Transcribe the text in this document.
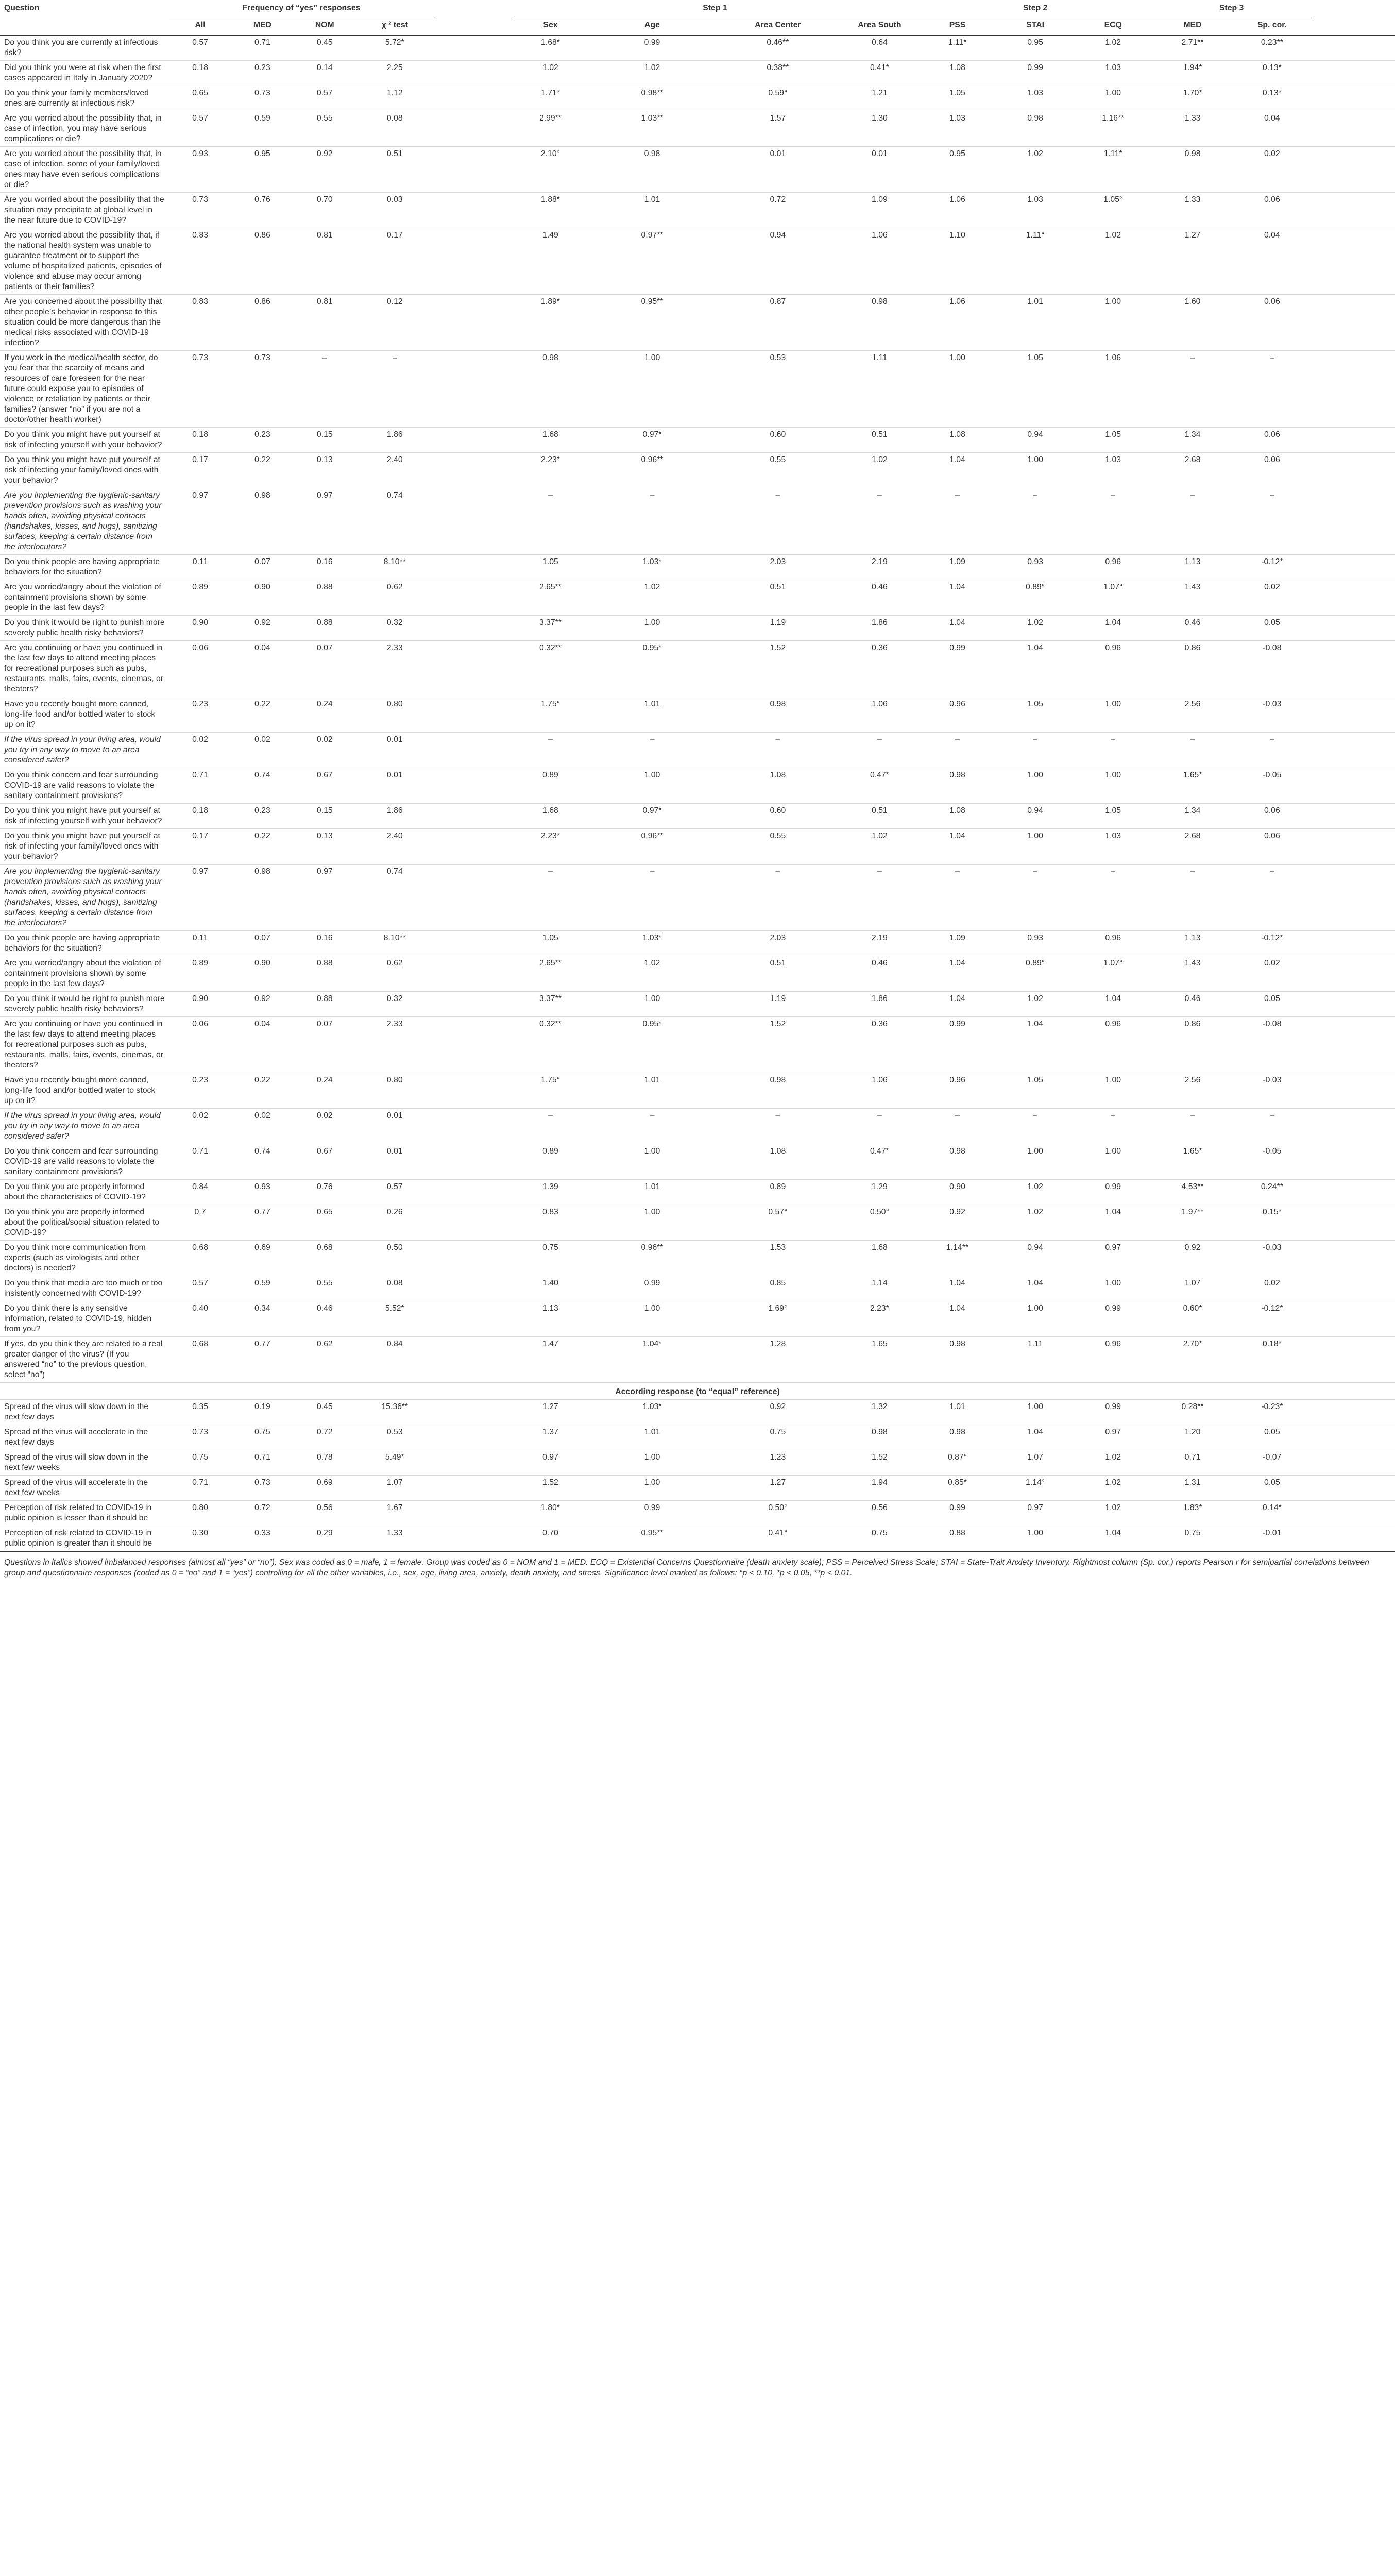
Question	Frequency of “yes” responses					Step 1				Step 2			Step 3		
	All	MED	NOM	χ ² test		Sex	Age	Area Center	Area South	PSS	STAI	ECQ	MED	Sp. cor.	
Do you think you are currently at infectious risk?	0.57	0.71	0.45	5.72*		1.68*	0.99	0.46**	0.64	1.11*	0.95	1.02	2.71**	0.23**	
Did you think you were at risk when the first cases appeared in Italy in January 2020?	0.18	0.23	0.14	2.25		1.02	1.02	0.38**	0.41*	1.08	0.99	1.03	1.94*	0.13*	
Do you think your family members/loved ones are currently at infectious risk?	0.65	0.73	0.57	1.12		1.71*	0.98**	0.59°	1.21	1.05	1.03	1.00	1.70*	0.13*	
Are you worried about the possibility that, in case of infection, you may have serious complications or die?	0.57	0.59	0.55	0.08		2.99**	1.03**	1.57	1.30	1.03	0.98	1.16**	1.33	0.04	
Are you worried about the possibility that, in case of infection, some of your family/loved ones may have even serious complications or die?	0.93	0.95	0.92	0.51		2.10°	0.98	0.01	0.01	0.95	1.02	1.11*	0.98	0.02	
Are you worried about the possibility that the situation may precipitate at global level in the near future due to COVID-19?	0.73	0.76	0.70	0.03		1.88*	1.01	0.72	1.09	1.06	1.03	1.05°	1.33	0.06	
Are you worried about the possibility that, if the national health system was unable to guarantee treatment or to support the volume of hospitalized patients, episodes of violence and abuse may occur among patients or their families?	0.83	0.86	0.81	0.17		1.49	0.97**	0.94	1.06	1.10	1.11°	1.02	1.27	0.04	
Are you concerned about the possibility that other people’s behavior in response to this situation could be more dangerous than the medical risks associated with COVID-19 infection?	0.83	0.86	0.81	0.12		1.89*	0.95**	0.87	0.98	1.06	1.01	1.00	1.60	0.06	
If you work in the medical/health sector, do you fear that the scarcity of means and resources of care foreseen for the near future could expose you to episodes of violence or retaliation by patients or their families? (answer “no” if you are not a doctor/other health worker)	0.73	0.73	–	–		0.98	1.00	0.53	1.11	1.00	1.05	1.06	–	–	
Do you think you might have put yourself at risk of infecting yourself with your behavior?	0.18	0.23	0.15	1.86		1.68	0.97*	0.60	0.51	1.08	0.94	1.05	1.34	0.06	
Do you think you might have put yourself at risk of infecting your family/loved ones with your behavior?	0.17	0.22	0.13	2.40		2.23*	0.96**	0.55	1.02	1.04	1.00	1.03	2.68	0.06	
Are you implementing the hygienic-sanitary prevention provisions such as washing your hands often, avoiding physical contacts (handshakes, kisses, and hugs), sanitizing surfaces, keeping a certain distance from the interlocutors?	0.97	0.98	0.97	0.74		–	–	–	–	–	–	–	–	–	
Do you think people are having appropriate behaviors for the situation?	0.11	0.07	0.16	8.10**		1.05	1.03*	2.03	2.19	1.09	0.93	0.96	1.13	-0.12*	
Are you worried/angry about the violation of containment provisions shown by some people in the last few days?	0.89	0.90	0.88	0.62		2.65**	1.02	0.51	0.46	1.04	0.89°	1.07°	1.43	0.02	
Do you think it would be right to punish more severely public health risky behaviors?	0.90	0.92	0.88	0.32		3.37**	1.00	1.19	1.86	1.04	1.02	1.04	0.46	0.05	
Are you continuing or have you continued in the last few days to attend meeting places for recreational purposes such as pubs, restaurants, malls, fairs, events, cinemas, or theaters?	0.06	0.04	0.07	2.33		0.32**	0.95*	1.52	0.36	0.99	1.04	0.96	0.86	-0.08	
Have you recently bought more canned, long-life food and/or bottled water to stock up on it?	0.23	0.22	0.24	0.80		1.75°	1.01	0.98	1.06	0.96	1.05	1.00	2.56	-0.03	
If the virus spread in your living area, would you try in any way to move to an area considered safer?	0.02	0.02	0.02	0.01		–	–	–	–	–	–	–	–	–	
Do you think concern and fear surrounding COVID-19 are valid reasons to violate the sanitary containment provisions?	0.71	0.74	0.67	0.01		0.89	1.00	1.08	0.47*	0.98	1.00	1.00	1.65*	-0.05	
Do you think you might have put yourself at risk of infecting yourself with your behavior?	0.18	0.23	0.15	1.86		1.68	0.97*	0.60	0.51	1.08	0.94	1.05	1.34	0.06	
Do you think you might have put yourself at risk of infecting your family/loved ones with your behavior?	0.17	0.22	0.13	2.40		2.23*	0.96**	0.55	1.02	1.04	1.00	1.03	2.68	0.06	
Are you implementing the hygienic-sanitary prevention provisions such as washing your hands often, avoiding physical contacts (handshakes, kisses, and hugs), sanitizing surfaces, keeping a certain distance from the interlocutors?	0.97	0.98	0.97	0.74		–	–	–	–	–	–	–	–	–	
Do you think people are having appropriate behaviors for the situation?	0.11	0.07	0.16	8.10**		1.05	1.03*	2.03	2.19	1.09	0.93	0.96	1.13	-0.12*	
Are you worried/angry about the violation of containment provisions shown by some people in the last few days?	0.89	0.90	0.88	0.62		2.65**	1.02	0.51	0.46	1.04	0.89°	1.07°	1.43	0.02	
Do you think it would be right to punish more severely public health risky behaviors?	0.90	0.92	0.88	0.32		3.37**	1.00	1.19	1.86	1.04	1.02	1.04	0.46	0.05	
Are you continuing or have you continued in the last few days to attend meeting places for recreational purposes such as pubs, restaurants, malls, fairs, events, cinemas, or theaters?	0.06	0.04	0.07	2.33		0.32**	0.95*	1.52	0.36	0.99	1.04	0.96	0.86	-0.08	
Have you recently bought more canned, long-life food and/or bottled water to stock up on it?	0.23	0.22	0.24	0.80		1.75°	1.01	0.98	1.06	0.96	1.05	1.00	2.56	-0.03	
If the virus spread in your living area, would you try in any way to move to an area considered safer?	0.02	0.02	0.02	0.01		–	–	–	–	–	–	–	–	–	
Do you think concern and fear surrounding COVID-19 are valid reasons to violate the sanitary containment provisions?	0.71	0.74	0.67	0.01		0.89	1.00	1.08	0.47*	0.98	1.00	1.00	1.65*	-0.05	
Do you think you are properly informed about the characteristics of COVID-19?	0.84	0.93	0.76	0.57		1.39	1.01	0.89	1.29	0.90	1.02	0.99	4.53**	0.24**	
Do you think you are properly informed about the political/social situation related to COVID-19?	0.7	0.77	0.65	0.26		0.83	1.00	0.57°	0.50°	0.92	1.02	1.04	1.97**	0.15*	
Do you think more communication from experts (such as virologists and other doctors) is needed?	0.68	0.69	0.68	0.50		0.75	0.96**	1.53	1.68	1.14**	0.94	0.97	0.92	-0.03	
Do you think that media are too much or too insistently concerned with COVID-19?	0.57	0.59	0.55	0.08		1.40	0.99	0.85	1.14	1.04	1.04	1.00	1.07	0.02	
Do you think there is any sensitive information, related to COVID-19, hidden from you?	0.40	0.34	0.46	5.52*		1.13	1.00	1.69°	2.23*	1.04	1.00	0.99	0.60*	-0.12*	
If yes, do you think they are related to a real greater danger of the virus? (If you answered “no” to the previous question, select “no”)	0.68	0.77	0.62	0.84		1.47	1.04*	1.28	1.65	0.98	1.11	0.96	2.70*	0.18*	
According response (to “equal” reference)															
Spread of the virus will slow down in the next few days	0.35	0.19	0.45	15.36**		1.27	1.03*	0.92	1.32	1.01	1.00	0.99	0.28**	-0.23*	
Spread of the virus will accelerate in the next few days	0.73	0.75	0.72	0.53		1.37	1.01	0.75	0.98	0.98	1.04	0.97	1.20	0.05	
Spread of the virus will slow down in the next few weeks	0.75	0.71	0.78	5.49*		0.97	1.00	1.23	1.52	0.87°	1.07	1.02	0.71	-0.07	
Spread of the virus will accelerate in the next few weeks	0.71	0.73	0.69	1.07		1.52	1.00	1.27	1.94	0.85*	1.14°	1.02	1.31	0.05	
Perception of risk related to COVID-19 in public opinion is lesser than it should be	0.80	0.72	0.56	1.67		1.80*	0.99	0.50°	0.56	0.99	0.97	1.02	1.83*	0.14*	
Perception of risk related to COVID-19 in public opinion is greater than it should be	0.30	0.33	0.29	1.33		0.70	0.95**	0.41°	0.75	0.88	1.00	1.04	0.75	-0.01	
Questions in italics showed imbalanced responses (almost all “yes” or “no”). Sex was coded as 0 = male, 1 = female. Group was coded as 0 = NOM and 1 = MED. ECQ = Existential Concerns Questionnaire (death anxiety scale); PSS = Perceived Stress Scale; STAI = State-Trait Anxiety Inventory. Rightmost column (Sp. cor.) reports Pearson r for semipartial correlations between group and questionnaire responses (coded as 0 = “no” and 1 = “yes”) controlling for all the other variables, i.e., sex, age, living area, anxiety, death anxiety, and stress. Significance level marked as follows: °p < 0.10, *p < 0.05, **p < 0.01.															
